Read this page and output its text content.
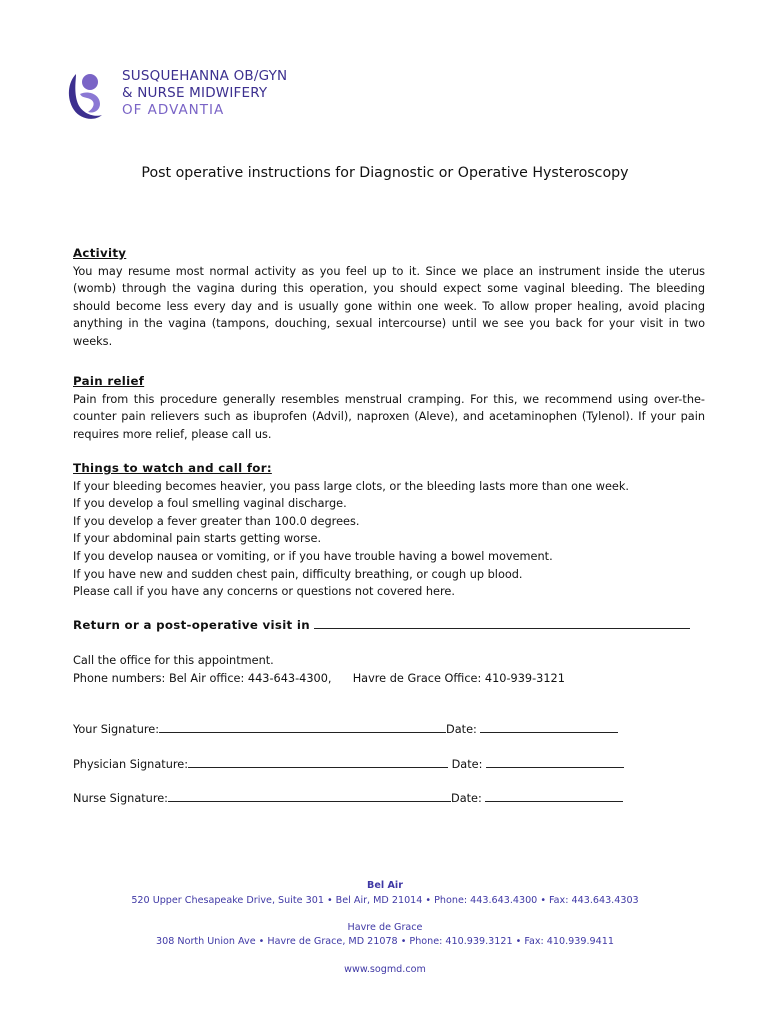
SUSQUEHANNA OB/GYN
& NURSE MIDWIFERY
OF ADVANTIA
Post operative instructions for Diagnostic or Operative Hysteroscopy
Activity
You may resume most normal activity as you feel up to it. Since we place an instrument inside the uterus (womb) through the vagina during this operation, you should expect some vaginal bleeding. The bleeding should become less every day and is usually gone within one week. To allow proper healing, avoid placing anything in the vagina (tampons, douching, sexual intercourse) until we see you back for your visit in two weeks.
Pain relief
Pain from this procedure generally resembles menstrual cramping. For this, we recommend using over-the-counter pain relievers such as ibuprofen (Advil), naproxen (Aleve), and acetaminophen (Tylenol). If your pain requires more relief, please call us.
Things to watch and call for:
If your bleeding becomes heavier, you pass large clots, or the bleeding lasts more than one week.
If you develop a foul smelling vaginal discharge.
If you develop a fever greater than 100.0 degrees.
If your abdominal pain starts getting worse.
If you develop nausea or vomiting, or if you have trouble having a bowel movement.
If you have new and sudden chest pain, difficulty breathing, or cough up blood.
Please call if you have any concerns or questions not covered here.
Return or a post-operative visit in
Call the office for this appointment.
Phone numbers: Bel Air office: 443-643-4300, Havre de Grace Office: 410-939-3121
Your Signature:	Date:
Physician Signature:	Date:
Nurse Signature:	Date:
Bel Air
520 Upper Chesapeake Drive, Suite 301 • Bel Air, MD 21014 • Phone: 443.643.4300 • Fax: 443.643.4303
Havre de Grace
308 North Union Ave • Havre de Grace, MD 21078 • Phone: 410.939.3121 • Fax: 410.939.9411
www.sogmd.com
